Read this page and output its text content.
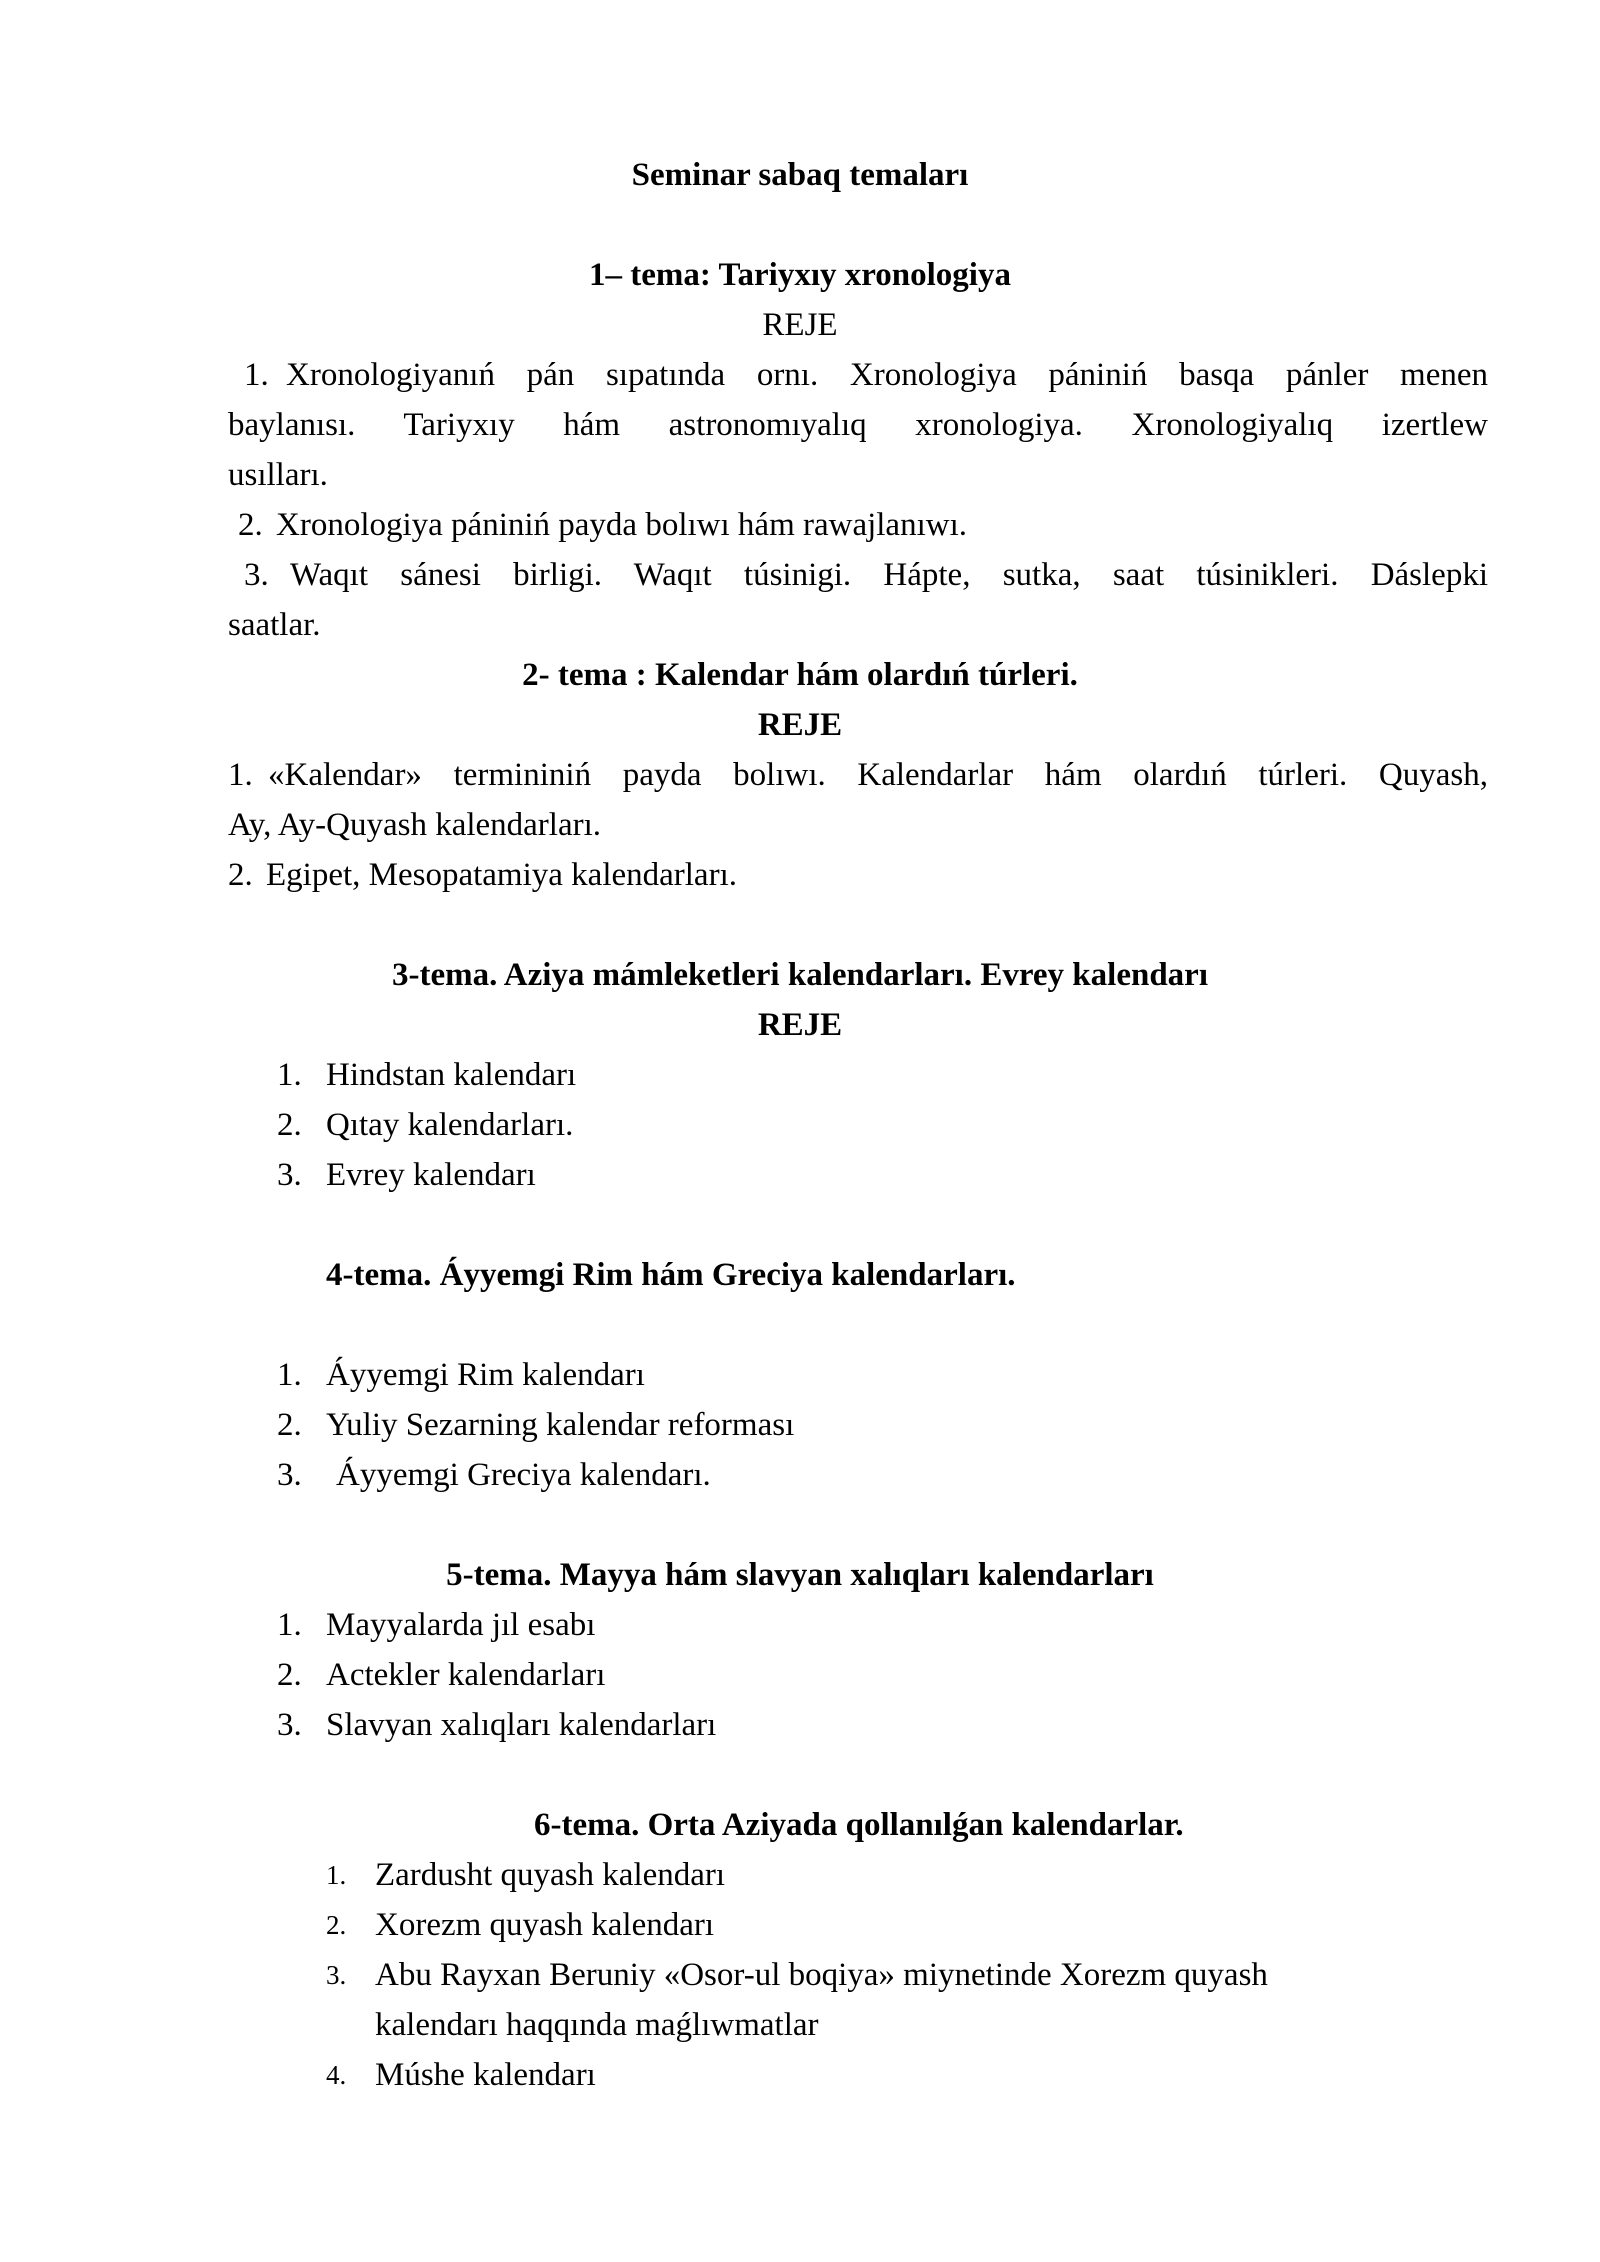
Seminar sabaq temaları
1– tema: Tariyxıy xronologiya
REJE
1. Xronologiyanıń pán sıpatında ornı. Xronologiya pániniń basqa pánler menen
baylanısı. Tariyxıy hám astronomıyalıq xronologiya. Xronologiyalıq izertlew
usılları.
2. Xronologiya pániniń payda bolıwı hám rawajlanıwı.
3. Waqıt sánesi birligi. Waqıt túsinigi. Hápte, sutka, saat túsinikleri. Dáslepki
saatlar.
2- tema : Kalendar hám olardıń túrleri.
REJE
1. «Kalendar» termininiń payda bolıwı. Kalendarlar hám olardıń túrleri. Quyash,
Ay, Ay-Quyash kalendarları.
2. Egipet, Mesopatamiya kalendarları.
3-tema. Aziya mámleketleri kalendarları. Evrey kalendarı
REJE
1. Hindstan kalendarı
2. Qıtay kalendarları.
3. Evrey kalendarı
4-tema. Áyyemgi Rim hám Greciya kalendarları.
1. Áyyemgi Rim kalendarı
2. Yuliy Sezarning kalendar reforması
3. Áyyemgi Greciya kalendarı.
5-tema. Mayya hám slavyan xalıqları kalendarları
1. Mayyalarda jıl esabı
2. Actekler kalendarları
3. Slavyan xalıqları kalendarları
6-tema. Orta Aziyada qollanılǵan kalendarlar.
1. Zardusht quyash kalendarı
2. Xorezm quyash kalendarı
3. Abu Rayxan Beruniy «Osor-ul boqiya» miynetinde Xorezm quyash
kalendarı haqqında maǵlıwmatlar
4. Múshe kalendarı
